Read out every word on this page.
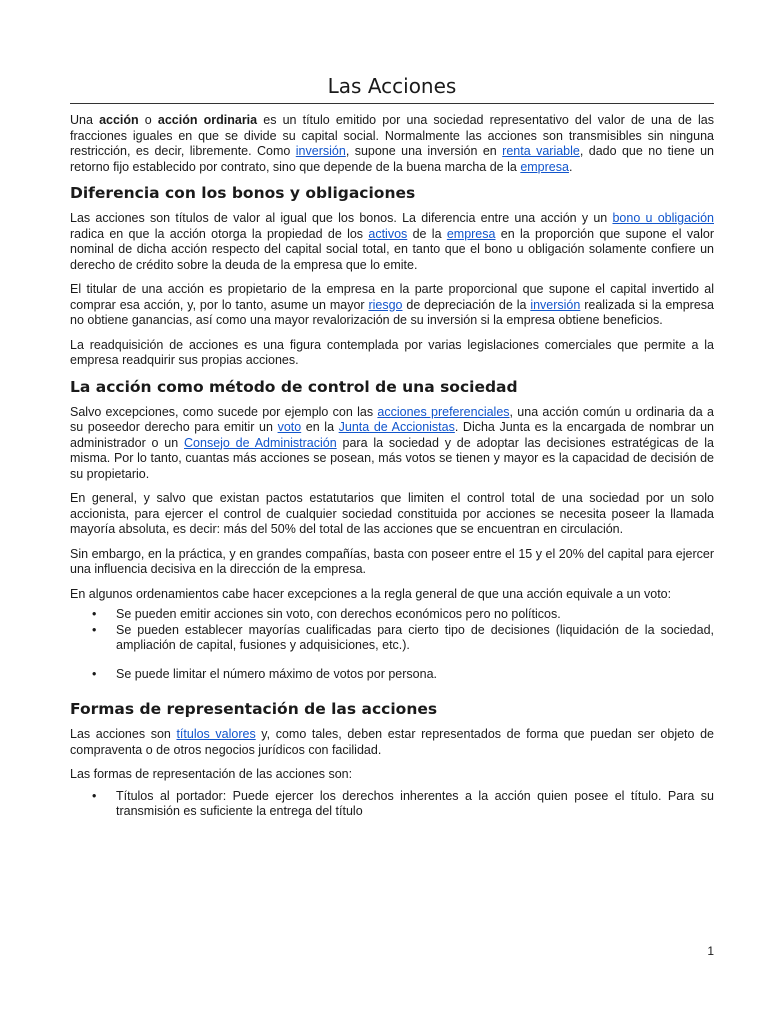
Las Acciones

Una acción o acción ordinaria es un título emitido por una sociedad representativo del valor de una de las fracciones iguales en que se divide su capital social. Normalmente las acciones son transmisibles sin ninguna restricción, es decir, libremente. Como inversión, supone una inversión en renta variable, dado que no tiene un retorno fijo establecido por contrato, sino que depende de la buena marcha de la empresa.

Diferencia con los bonos y obligaciones

Las acciones son títulos de valor al igual que los bonos. La diferencia entre una acción y un bono u obligación radica en que la acción otorga la propiedad de los activos de la empresa en la proporción que supone el valor nominal de dicha acción respecto del capital social total, en tanto que el bono u obligación solamente confiere un derecho de crédito sobre la deuda de la empresa que lo emite.

El titular de una acción es propietario de la empresa en la parte proporcional que supone el capital invertido al comprar esa acción, y, por lo tanto, asume un mayor riesgo de depreciación de la inversión realizada si la empresa no obtiene ganancias, así como una mayor revalorización de su inversión si la empresa obtiene beneficios.

La readquisición de acciones es una figura contemplada por varias legislaciones comerciales que permite a la empresa readquirir sus propias acciones.

La acción como método de control de una sociedad

Salvo excepciones, como sucede por ejemplo con las acciones preferenciales, una acción común u ordinaria da a su poseedor derecho para emitir un voto en la Junta de Accionistas. Dicha Junta es la encargada de nombrar un administrador o un Consejo de Administración para la sociedad y de adoptar las decisiones estratégicas de la misma. Por lo tanto, cuantas más acciones se posean, más votos se tienen y mayor es la capacidad de decisión de su propietario.

En general, y salvo que existan pactos estatutarios que limiten el control total de una sociedad por un solo accionista, para ejercer el control de cualquier sociedad constituida por acciones se necesita poseer la llamada mayoría absoluta, es decir: más del 50% del total de las acciones que se encuentran en circulación.

Sin embargo, en la práctica, y en grandes compañías, basta con poseer entre el 15 y el 20% del capital para ejercer una influencia decisiva en la dirección de la empresa.

En algunos ordenamientos cabe hacer excepciones a la regla general de que una acción equivale a un voto:

• Se pueden emitir acciones sin voto, con derechos económicos pero no políticos.
• Se pueden establecer mayorías cualificadas para cierto tipo de decisiones (liquidación de la sociedad, ampliación de capital, fusiones y adquisiciones, etc.).
• Se puede limitar el número máximo de votos por persona.
Formas de representación de las acciones

Las acciones son títulos valores y, como tales, deben estar representados de forma que puedan ser objeto de compraventa o de otros negocios jurídicos con facilidad.

Las formas de representación de las acciones son:

• Títulos al portador: Puede ejercer los derechos inherentes a la acción quien posee el título. Para su transmisión es suficiente la entrega del título
1
